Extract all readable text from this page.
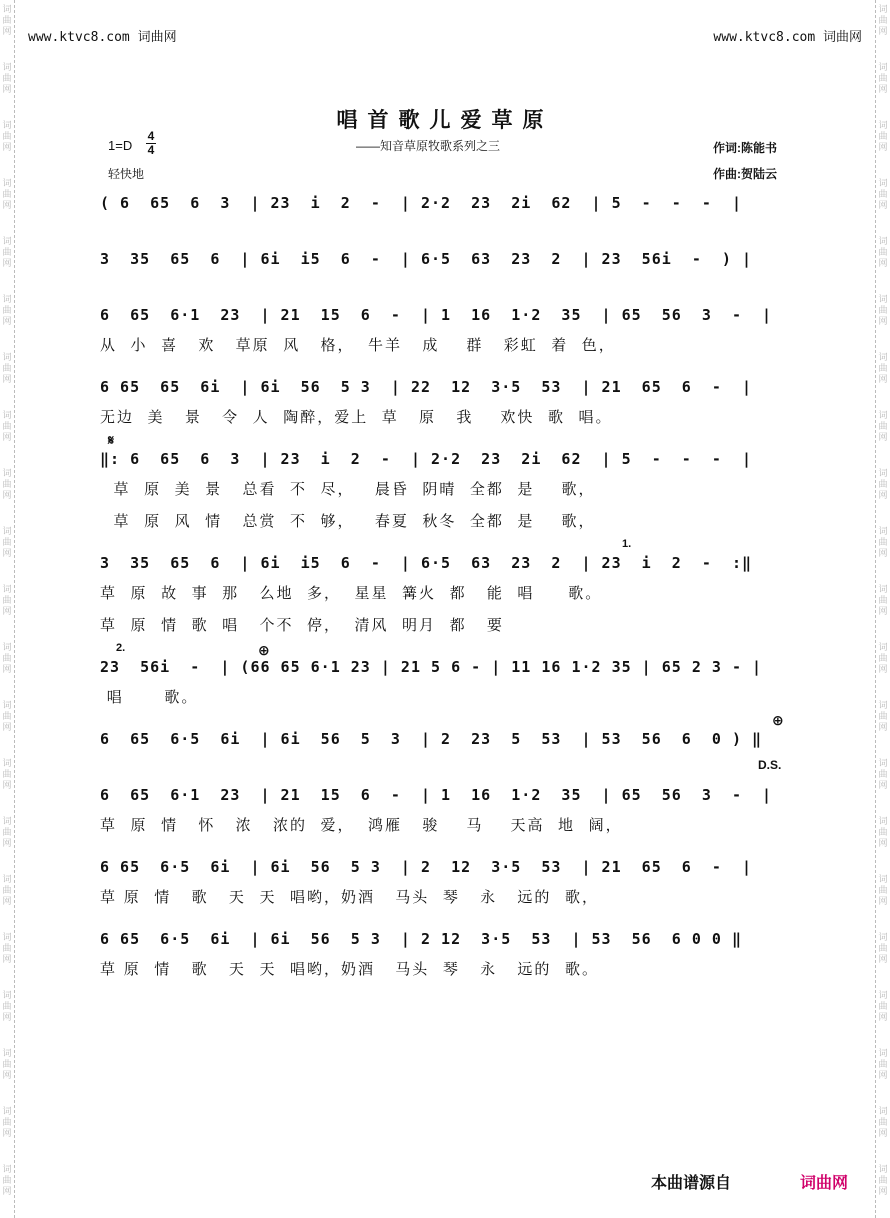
词
曲
网
词
曲
网
词
曲
网
词
曲
网
词
曲
网
词
曲
网
词
曲
网
词
曲
网
词
曲
网
词
曲
网
词
曲
网
词
曲
网
词
曲
网
词
曲
网
词
曲
网
词
曲
网
词
曲
网
词
曲
网
词
曲
网
词
曲
网
词
曲
网
词
曲
网
词
曲
网
词
曲
网
词
曲
网
词
曲
网
词
曲
网
词
曲
网
词
曲
网
词
曲
网
词
曲
网
词
曲
网
词
曲
网
词
曲
网
词
曲
网
词
曲
网
词
曲
网
词
曲
网
词
曲
网
词
曲
网
词
曲
网
词
曲
网
www.ktvc8.com 词曲网	www.ktvc8.com 词曲网
唱首歌儿爱草原
1=D
4
4	——知音草原牧歌系列之三	作词:陈能书
作曲:贺陆云
轻快地
( 6  65  6  3  | 23  i  2  -  | 2·2  23  2i  62  | 5  -  -  -  |
3  35  65  6  | 6i  i5  6  -  | 6·5  63  23  2  | 23  56i  -  ) |
6  65  6·1  23  | 21  15  6  -  | 1  16  1·2  35  | 65  56  3  -  |
从  小  喜   欢   草原  风   格，  牛羊   成    群   彩虹  着  色，
6 65  65  6i  | 6i  56  5 3  | 22  12  3·5  53  | 21  65  6  -  |
无边  美   景   令  人  陶醉，爱上  草   原   我    欢快  歌  唱。
𝄋
‖: 6  65  6  3  | 23  i  2  -  | 2·2  23  2i  62  | 5  -  -  -  |
草  原  美  景   总看  不  尽，   晨昏  阴晴  全都  是    歌，
草  原  风  情   总赏  不  够，   春夏  秋冬  全都  是    歌，
1.
3  35  65  6  | 6i  i5  6  -  | 6·5  63  23  2  | 23  i  2  -  :‖
草  原  故  事  那   么地  多，  星星  篝火  都   能  唱     歌。
草  原  情  歌  唱   个不  停，  清风  明月  都   要
2.	⊕
23  56i  -  | (66 65 6·1 23 | 21 5 6 - | 11 16 1·2 35 | 65 2 3 - |
唱      歌。
⊕
6  65  6·5  6i  | 6i  56  5  3  | 2  23  5  53  | 53  56  6  0 ) ‖
D.S.
6  65  6·1  23  | 21  15  6  -  | 1  16  1·2  35  | 65  56  3  -  |
草  原  情   怀   浓   浓的  爱，  鸿雁   骏    马    天高  地  阔，
6 65  6·5  6i  | 6i  56  5 3  | 2  12  3·5  53  | 21  65  6  -  |
草 原  情   歌   天  天  唱哟，奶酒   马头  琴   永   远的  歌，
6 65  6·5  6i  | 6i  56  5 3  | 2 12  3·5  53  | 53  56  6 0 0 ‖
草 原  情   歌   天  天  唱哟，奶酒   马头  琴   永   远的  歌。
本曲谱源自	词曲网
